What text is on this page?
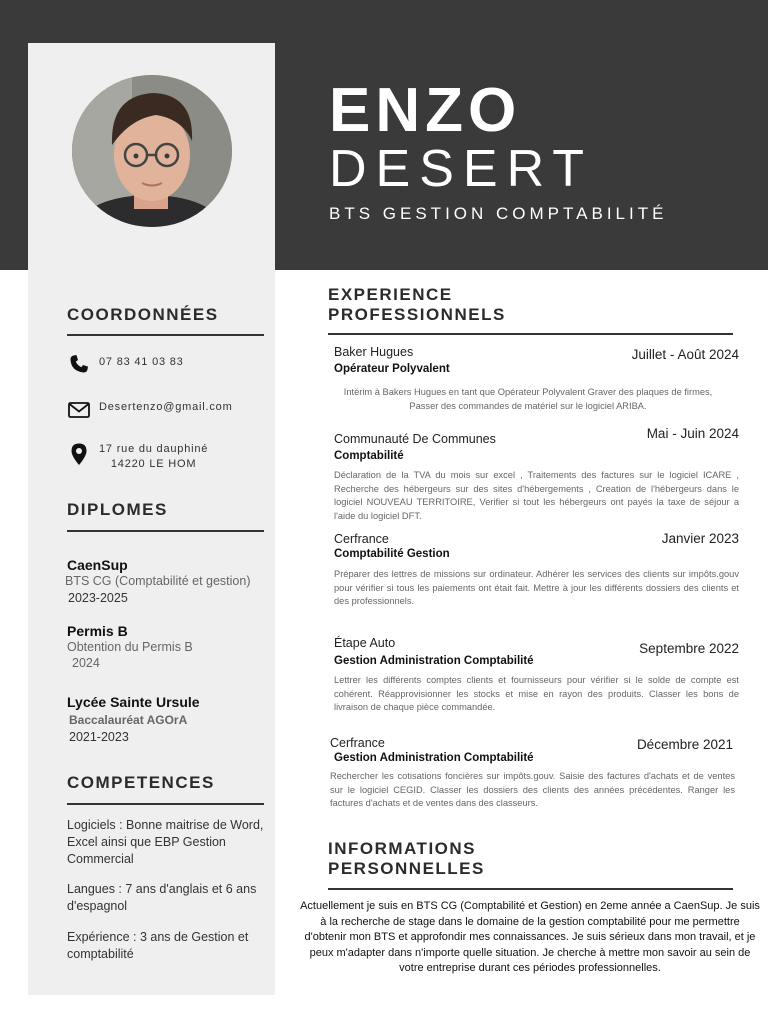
ENZO
DESERT
BTS GESTION COMPTABILITÉ
COORDONNÉES
07 83 41 03 83
Desertenzo@gmail.com
17 rue du dauphiné
14220 LE HOM
DIPLOMES
CaenSup
BTS CG (Comptabilité et gestion)
2023-2025
Permis B
Obtention du Permis B
2024
Lycée Sainte Ursule
Baccalauréat AGOrA
2021-2023
COMPETENCES
Logiciels : Bonne maitrise de Word, Excel ainsi que EBP Gestion Commercial
Langues : 7 ans d'anglais et 6 ans d'espagnol
Expérience : 3 ans de Gestion et comptabilité
EXPERIENCE
PROFESSIONNELS
Baker Hugues	Juillet - Août 2024
Opérateur Polyvalent
Intérim à Bakers Hugues en tant que Opérateur Polyvalent Graver des plaques de firmes, Passer des commandes de matériel sur le logiciel ARIBA.
Communauté De Communes	Mai - Juin 2024
Comptabilité
Déclaration de la TVA du mois sur excel , Traitements des factures sur le logiciel ICARE , Recherche des hébergeurs sur des sites d'hébergements , Creation de l'hébergeurs dans le logiciel NOUVEAU TERRITOIRE, Verifier si tout les hébergeurs ont payés la taxe de séjour a l'aide du logiciel DFT.
Cerfrance	Janvier 2023
Comptabilité Gestion
Préparer des lettres de missions sur ordinateur. Adhérer les services des clients sur impôts.gouv pour vérifier si tous les paiements ont était fait. Mettre à jour les différents dossiers des clients et des professionnels.
Étape Auto	Septembre 2022
Gestion Administration Comptabilité
Lettrer les différents comptes clients et fournisseurs pour vérifier si le solde de compte est cohérent. Réapprovisionner les stocks et mise en rayon des produits. Classer les bons de livraison de chaque pièce commandée.
Cerfrance	Décembre 2021
Gestion Administration Comptabilité
Rechercher les cotisations foncières sur impôts.gouv. Saisie des factures d'achats et de ventes sur le logiciel CEGID. Classer les dossiers des clients des années précédentes. Ranger les factures d'achats et de ventes dans des classeurs.
INFORMATIONS
PERSONNELLES
Actuellement je suis en BTS CG (Comptabilité et Gestion) en 2eme année a CaenSup. Je suis à la recherche de stage dans le domaine de la gestion comptabilité pour me permettre d'obtenir mon BTS et approfondir mes connaissances. Je suis sérieux dans mon travail, et je peux m'adapter dans n'importe quelle situation. Je cherche à mettre mon savoir au sein de votre entreprise durant ces périodes professionnelles.
